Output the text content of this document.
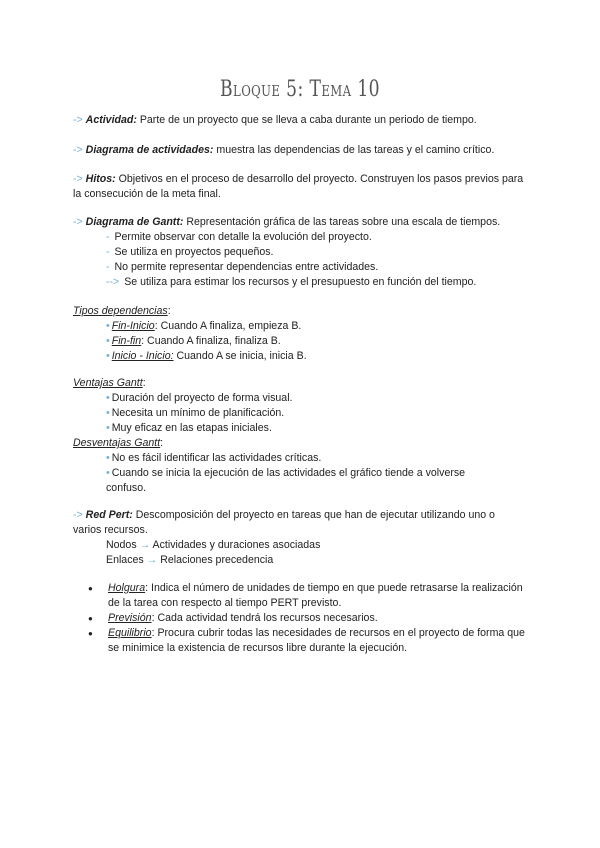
Bloque 5: Tema 10
-> Actividad: Parte de un proyecto que se lleva a caba durante un periodo de tiempo.
-> Diagrama de actividades: muestra las dependencias de las tareas y el camino crítico.
-> Hitos: Objetivos en el proceso de desarrollo del proyecto. Construyen los pasos previos para la consecución de la meta final.
-> Diagrama de Gantt: Representación gráfica de las tareas sobre una escala de tiempos.
- Permite observar con detalle la evolución del proyecto.
- Se utiliza en proyectos pequeños.
- No permite representar dependencias entre actividades.
--> Se utiliza para estimar los recursos y el presupuesto en función del tiempo.
Tipos dependencias:
• Fin-Inicio: Cuando A finaliza, empieza B.
• Fin-fin: Cuando A finaliza, finaliza B.
• Inicio - Inicio: Cuando A se inicia, inicia B.
Ventajas Gantt:
• Duración del proyecto de forma visual.
• Necesita un mínimo de planificación.
• Muy eficaz en las etapas iniciales.
Desventajas Gantt:
• No es fácil identificar las actividades críticas.
• Cuando se inicia la ejecución de las actividades el gráfico tiende a volverse confuso.
-> Red Pert: Descomposición del proyecto en tareas que han de ejecutar utilizando uno o varios recursos.
Nodos → Actividades y duraciones asociadas
Enlaces → Relaciones precedencia
● Holgura: Indica el número de unidades de tiempo en que puede retrasarse la realización de la tarea con respecto al tiempo PERT previsto.
● Previsión: Cada actividad tendrá los recursos necesarios.
● Equilibrio: Procura cubrir todas las necesidades de recursos en el proyecto de forma que se minimice la existencia de recursos libre durante la ejecución.
